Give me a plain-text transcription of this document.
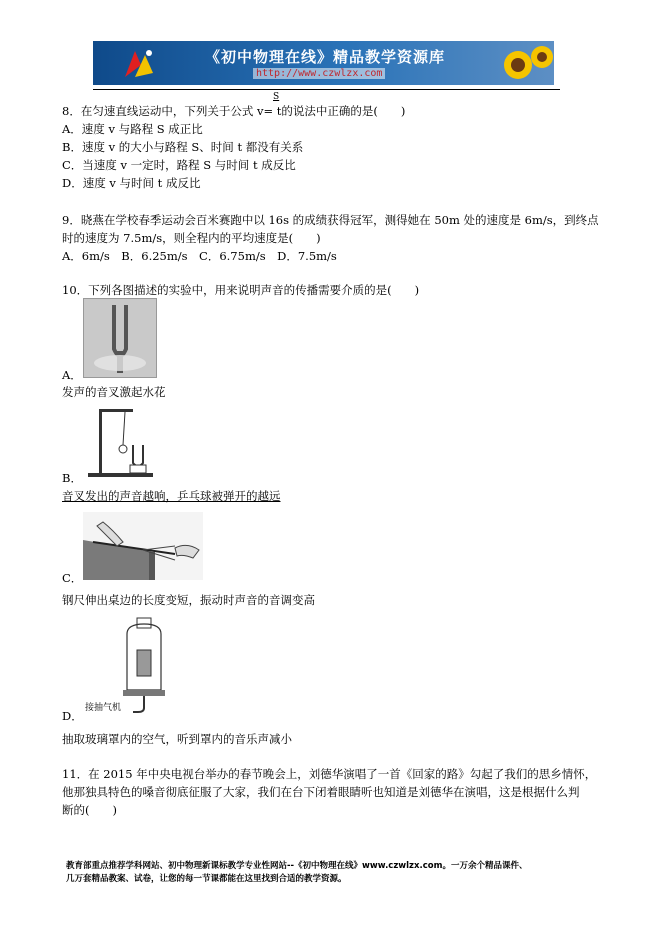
《初中物理在线》精品教学资源库
http://www.czwlzx.com
S
8．在匀速直线运动中，下列关于公式 v= t的说法中正确的是(　　)
A．速度 v 与路程 S 成正比
B．速度 v 的大小与路程 S、时间 t 都没有关系
C．当速度 v 一定时，路程 S 与时间 t 成反比
D．速度 v 与时间 t 成反比
9．晓燕在学校春季运动会百米赛跑中以 16s 的成绩获得冠军，测得她在 50m 处的速度是 6m/s，到终点
时的速度为 7.5m/s，则全程内的平均速度是(　　)
A．6m/s　B．6.25m/s　C．6.75m/s　D．7.5m/s
10．下列各图描述的实验中，用来说明声音的传播需要介质的是(　　)
A．
发声的音叉激起水花
B．
音叉发出的声音越响，乒乓球被弹开的越远
C．
钢尺伸出桌边的长度变短，振动时声音的音调变高
接抽气机
D．
抽取玻璃罩内的空气，听到罩内的音乐声减小
11．在 2015 年中央电视台举办的春节晚会上，刘德华演唱了一首《回家的路》勾起了我们的思乡情怀，
他那独具特色的嗓音彻底征服了大家，我们在台下闭着眼睛听也知道是刘德华在演唱，这是根据什么判
断的(　　)
教育部重点推荐学科网站、初中物理新课标教学专业性网站--《初中物理在线》www.czwlzx.com。一万余个精品课件、
几万套精品教案、试卷，让您的每一节课都能在这里找到合适的教学资源。
